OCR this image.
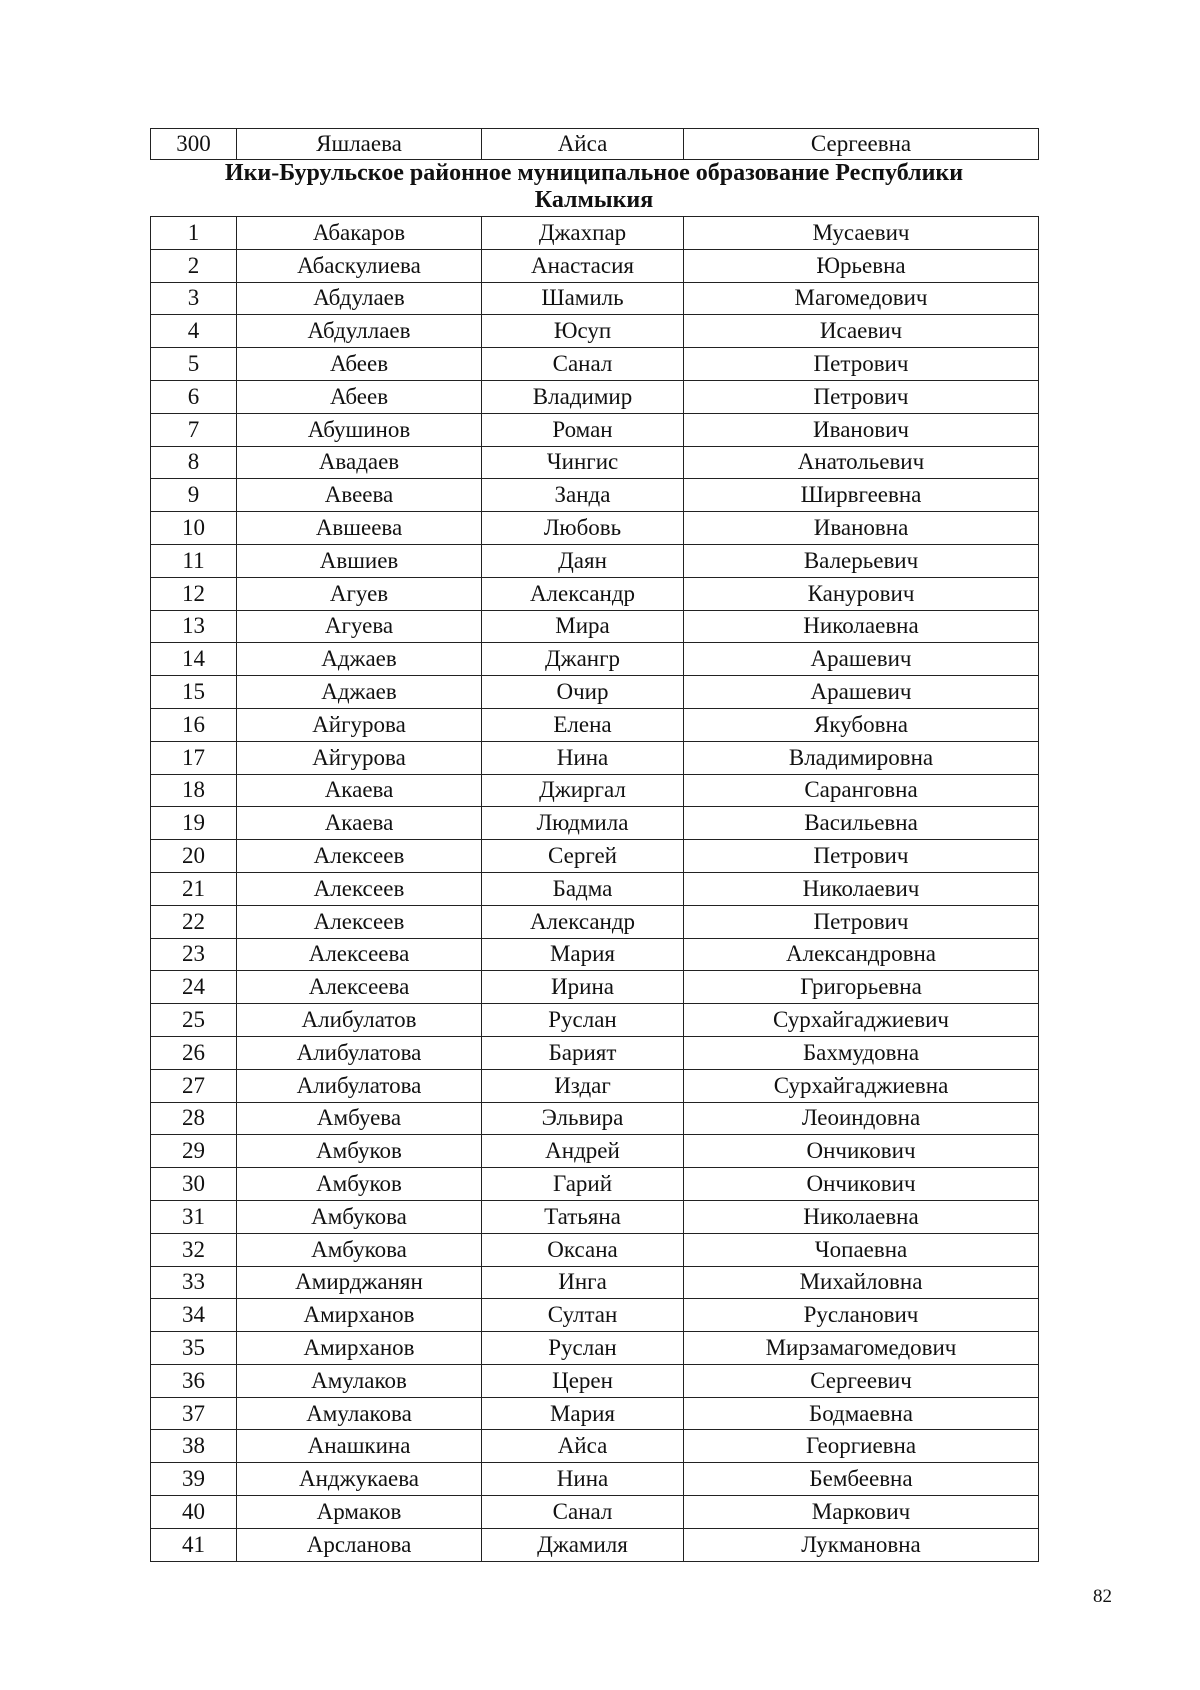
300	Яшлаева	Айса	Сергеевна
Ики-Бурульское районное муниципальное образование Республики
Калмыкия
1	Абакаров	Джахпар	Мусаевич
2	Абаскулиева	Анастасия	Юрьевна
3	Абдулаев	Шамиль	Магомедович
4	Абдуллаев	Юсуп	Исаевич
5	Абеев	Санал	Петрович
6	Абеев	Владимир	Петрович
7	Абушинов	Роман	Иванович
8	Авадаев	Чингис	Анатольевич
9	Авеева	Занда	Ширвгеевна
10	Авшеева	Любовь	Ивановна
11	Авшиев	Даян	Валерьевич
12	Агуев	Александр	Канурович
13	Агуева	Мира	Николаевна
14	Аджаев	Джангр	Арашевич
15	Аджаев	Очир	Арашевич
16	Айгурова	Елена	Якубовна
17	Айгурова	Нина	Владимировна
18	Акаева	Джиргал	Саранговна
19	Акаева	Людмила	Васильевна
20	Алексеев	Сергей	Петрович
21	Алексеев	Бадма	Николаевич
22	Алексеев	Александр	Петрович
23	Алексеева	Мария	Александровна
24	Алексеева	Ирина	Григорьевна
25	Алибулатов	Руслан	Сурхайгаджиевич
26	Алибулатова	Барият	Бахмудовна
27	Алибулатова	Издаг	Сурхайгаджиевна
28	Амбуева	Эльвира	Леоиндовна
29	Амбуков	Андрей	Ончикович
30	Амбуков	Гарий	Ончикович
31	Амбукова	Татьяна	Николаевна
32	Амбукова	Оксана	Чопаевна
33	Амирджанян	Инга	Михайловна
34	Амирханов	Султан	Русланович
35	Амирханов	Руслан	Мирзамагомедович
36	Амулаков	Церен	Сергеевич
37	Амулакова	Мария	Бодмаевна
38	Анашкина	Айса	Георгиевна
39	Анджукаева	Нина	Бембеевна
40	Армаков	Санал	Маркович
41	Арсланова	Джамиля	Лукмановна
82
